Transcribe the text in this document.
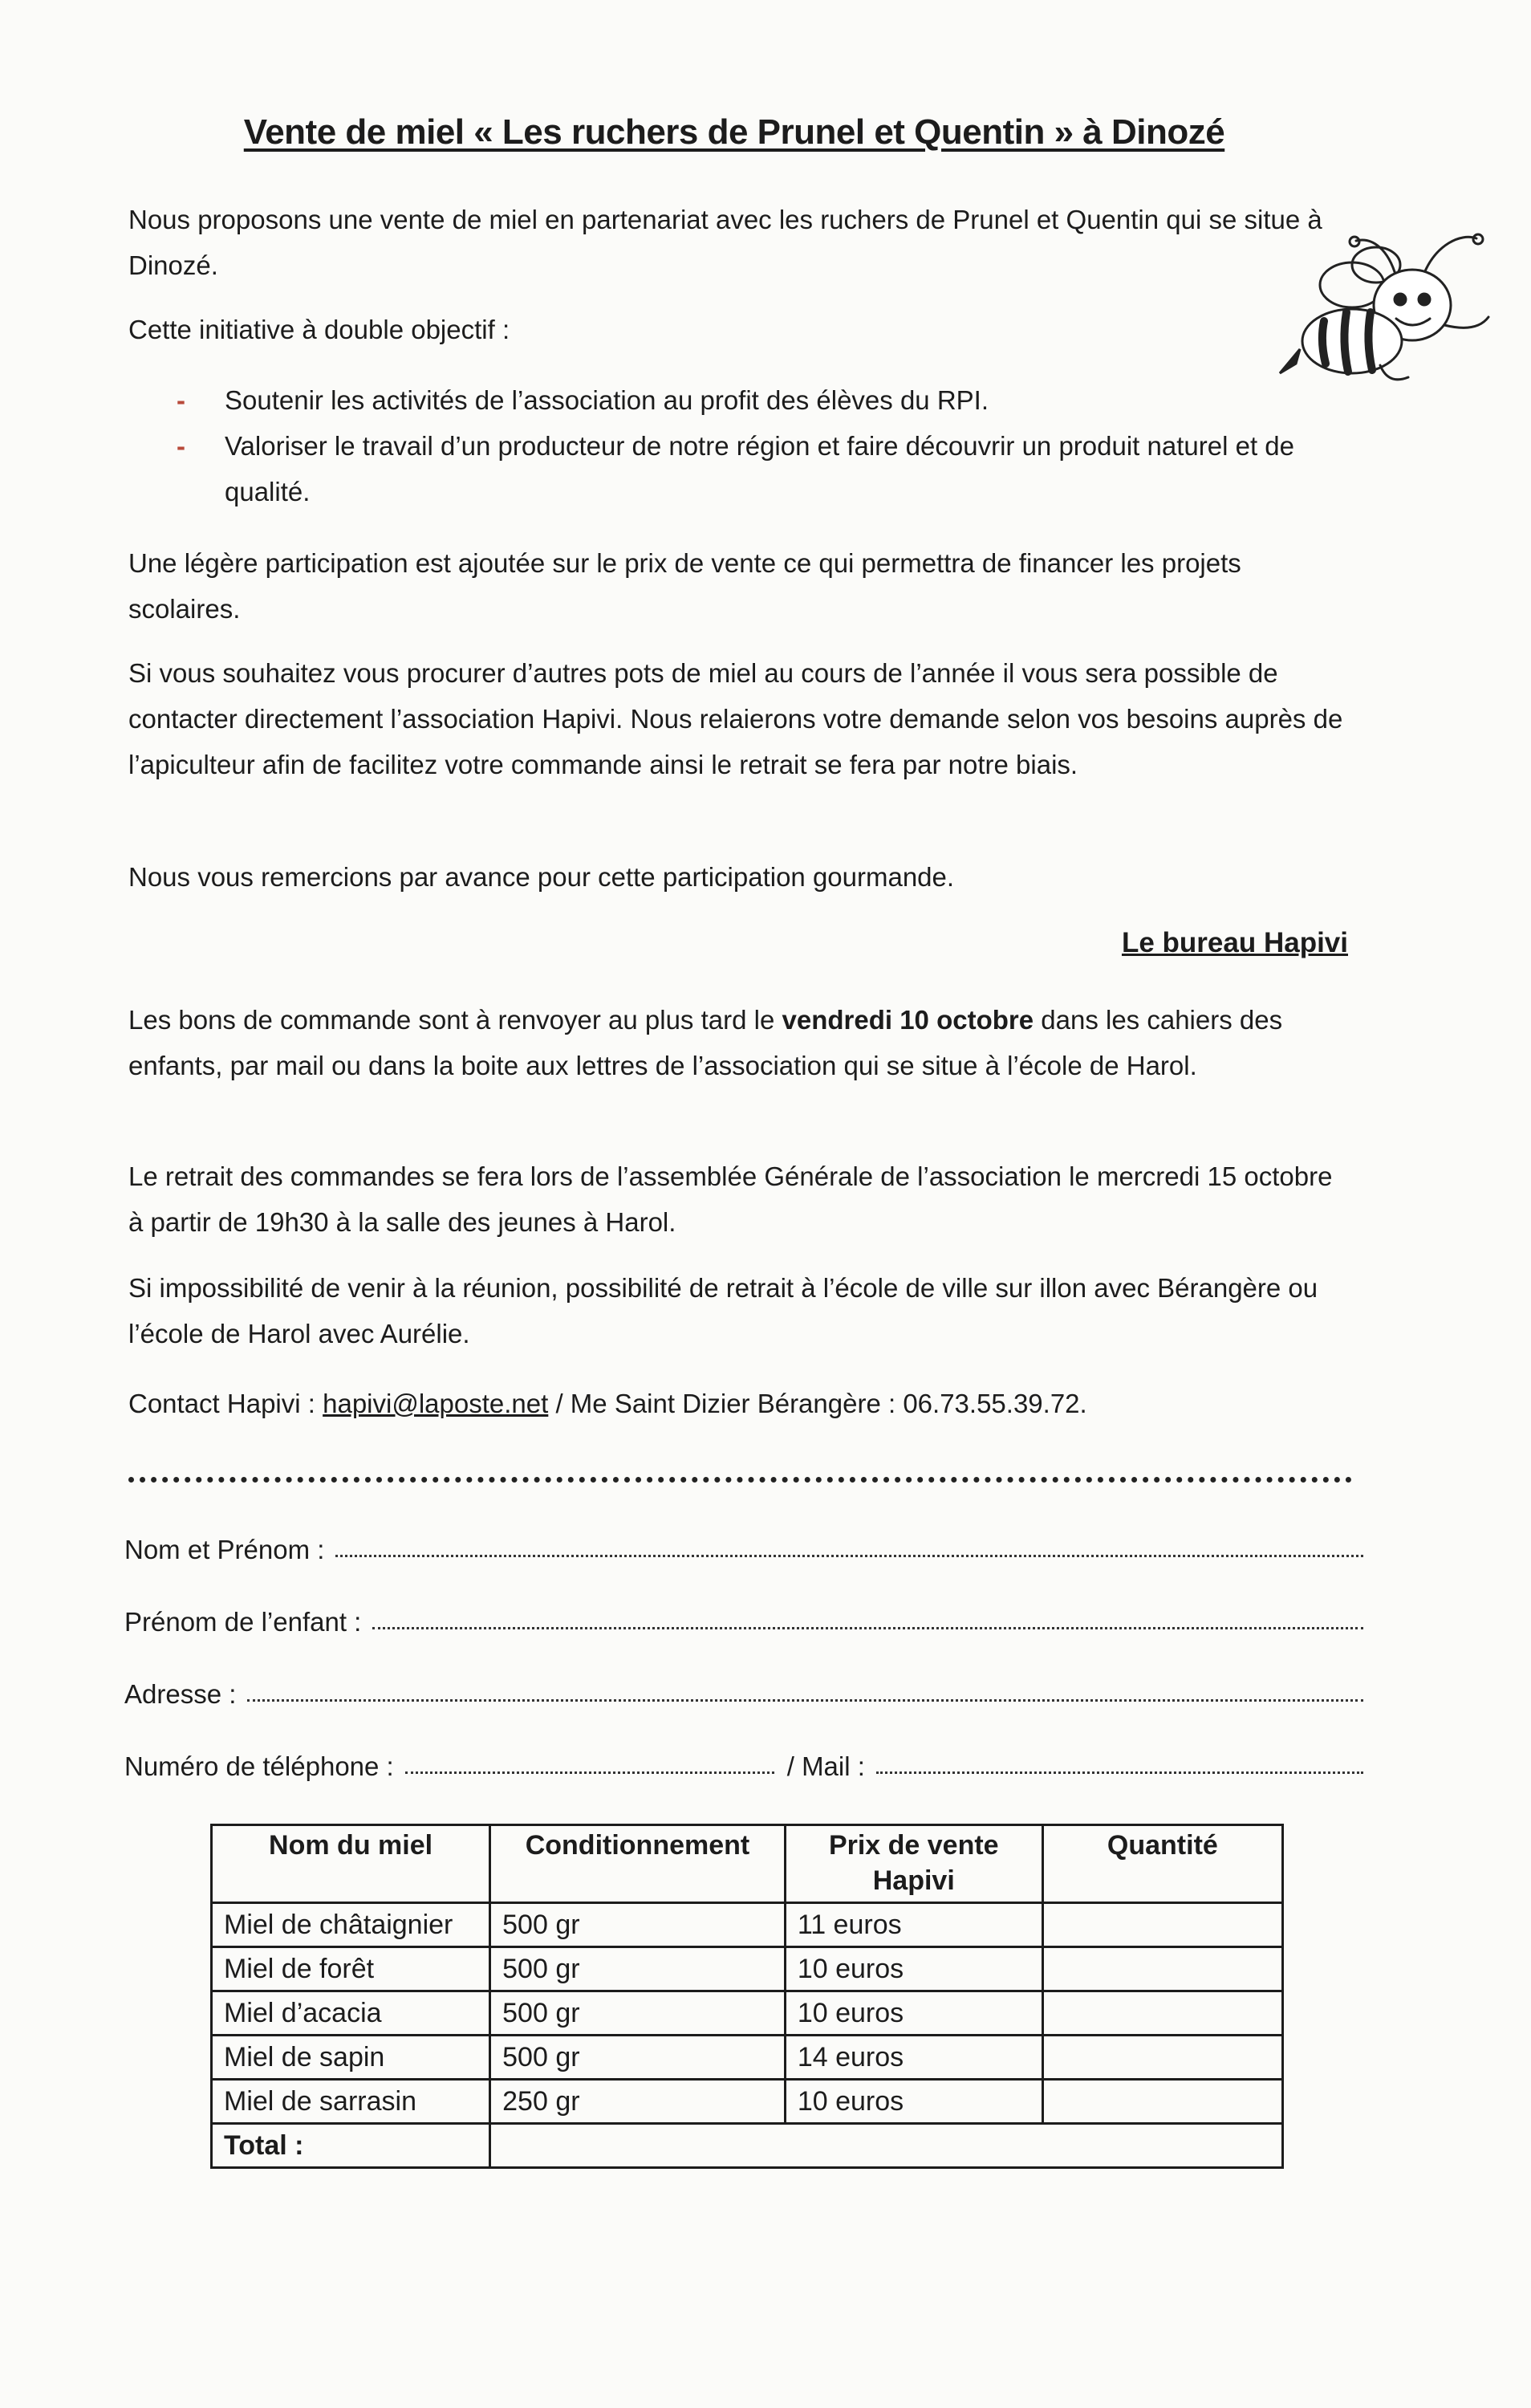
Vente de miel « Les ruchers de Prunel et Quentin » à Dinozé

Nous proposons une vente de miel en partenariat avec les ruchers de Prunel et Quentin qui se situe à Dinozé.

Cette initiative à double objectif :

- Soutenir les activités de l’association au profit des élèves du RPI.
- Valoriser le travail d’un producteur de notre région et faire découvrir un produit naturel et de qualité.

Une légère participation est ajoutée sur le prix de vente ce qui permettra de financer les projets scolaires.

Si vous souhaitez vous procurer d’autres pots de miel au cours de l’année il vous sera possible de contacter directement l’association Hapivi. Nous relaierons votre demande selon vos besoins auprès de l’apiculteur afin de facilitez votre commande ainsi le retrait se fera par notre biais.

Nous vous remercions par avance pour cette participation gourmande.

Le bureau Hapivi

Les bons de commande sont à renvoyer au plus tard le vendredi 10 octobre dans les cahiers des enfants, par mail ou dans la boite aux lettres de l’association qui se situe à l’école de Harol.

Le retrait des commandes se fera lors de l’assemblée Générale de l’association le mercredi 15 octobre à partir de 19h30 à la salle des jeunes à Harol.

Si impossibilité de venir à la réunion, possibilité de retrait à l’école de ville sur illon avec Bérangère ou l’école de Harol avec Aurélie.

Contact Hapivi : hapivi@laposte.net / Me Saint Dizier Bérangère : 06.73.55.39.72.

Nom et Prénom :
Prénom de l’enfant :
Adresse :
Numéro de téléphone :	/ Mail :
Nom du miel	Conditionnement	Prix de vente Hapivi	Quantité
Miel de châtaignier	500 gr	11 euros	
Miel de forêt	500 gr	10 euros	
Miel d’acacia	500 gr	10 euros	
Miel de sapin	500 gr	14 euros	
Miel de sarrasin	250 gr	10 euros	
Total :			
